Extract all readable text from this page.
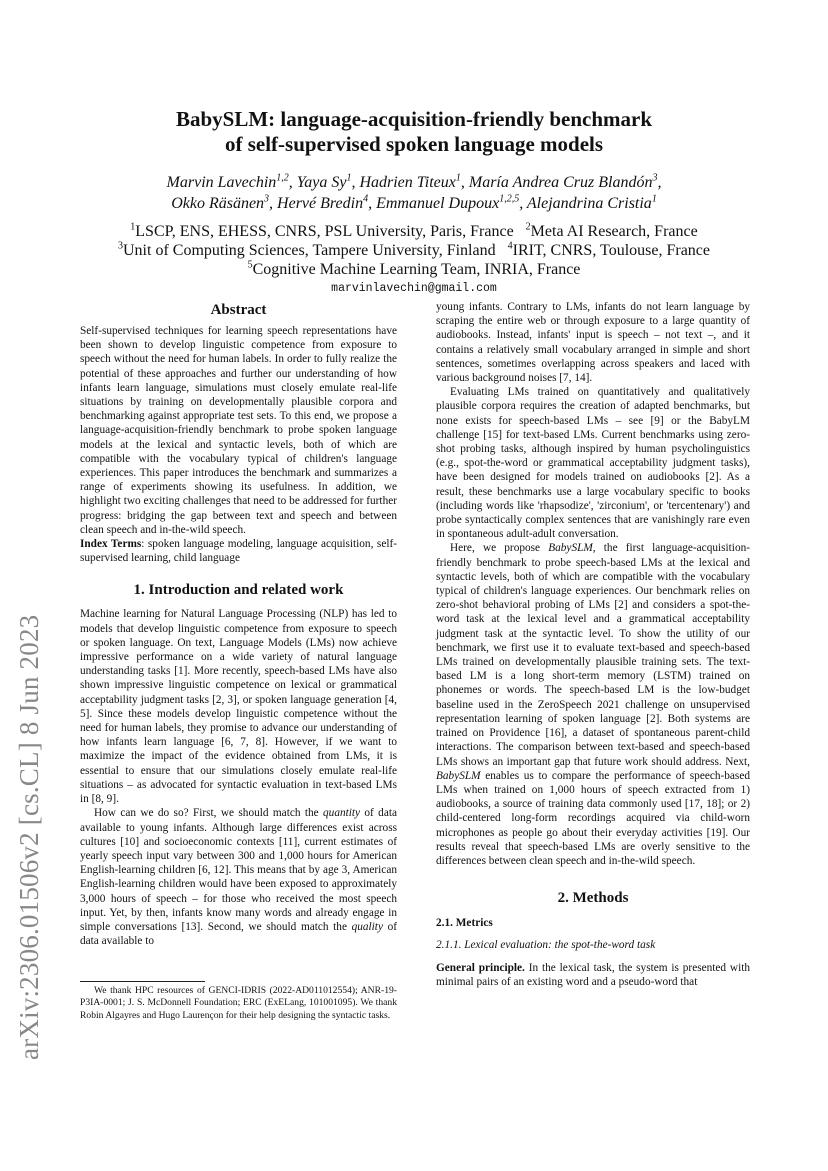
arXiv:2306.01506v2 [cs.CL] 8 Jun 2023
BabySLM: language-acquisition-friendly benchmark
of self-supervised spoken language models
Marvin Lavechin$^{1,2}$, Yaya Sy$^1$, Hadrien Titeux$^1$, María Andrea Cruz Blandón$^3$,
Okko Räsänen$^3$, Hervé Bredin$^4$, Emmanuel Dupoux$^{1,2,5}$, Alejandrina Cristia$^1$
$^1$LSCP, ENS, EHESS, CNRS, PSL University, Paris, France $^2$Meta AI Research, France
$^3$Unit of Computing Sciences, Tampere University, Finland $^4$IRIT, CNRS, Toulouse, France
$^5$Cognitive Machine Learning Team, INRIA, France
marvinlavechin@gmail.com
Abstract

Self-supervised techniques for learning speech representations have been shown to develop linguistic competence from exposure to speech without the need for human labels. In order to fully realize the potential of these approaches and further our understanding of how infants learn language, simulations must closely emulate real-life situations by training on developmentally plausible corpora and benchmarking against appropriate test sets. To this end, we propose a language-acquisition-friendly benchmark to probe spoken language models at the lexical and syntactic levels, both of which are compatible with the vocabulary typical of children's language experiences. This paper introduces the benchmark and summarizes a range of experiments showing its usefulness. In addition, we highlight two exciting challenges that need to be addressed for further progress: bridging the gap between text and speech and between clean speech and in-the-wild speech.

Index Terms: spoken language modeling, language acquisition, self-supervised learning, child language

1. Introduction and related work

Machine learning for Natural Language Processing (NLP) has led to models that develop linguistic competence from exposure to speech or spoken language. On text, Language Models (LMs) now achieve impressive performance on a wide variety of natural language understanding tasks [1]. More recently, speech-based LMs have also shown impressive linguistic competence on lexical or grammatical acceptability judgment tasks [2, 3], or spoken language generation [4, 5]. Since these models develop linguistic competence without the need for human labels, they promise to advance our understanding of how infants learn language [6, 7, 8]. However, if we want to maximize the impact of the evidence obtained from LMs, it is essential to ensure that our simulations closely emulate real-life situations – as advocated for syntactic evaluation in text-based LMs in [8, 9].

How can we do so? First, we should match the quantity of data available to young infants. Although large differences exist across cultures [10] and socioeconomic contexts [11], current estimates of yearly speech input vary between 300 and 1,000 hours for American English-learning children [6, 12]. This means that by age 3, American English-learning children would have been exposed to approximately 3,000 hours of speech – for those who received the most speech input. Yet, by then, infants know many words and already engage in simple conversations [13]. Second, we should match the quality of data available to

We thank HPC resources of GENCI-IDRIS (2022-AD011012554); ANR-19-P3IA-0001; J. S. McDonnell Foundation; ERC (ExELang, 101001095). We thank Robin Algayres and Hugo Laurençon for their help designing the syntactic tasks.

young infants. Contrary to LMs, infants do not learn language by scraping the entire web or through exposure to a large quantity of audiobooks. Instead, infants' input is speech – not text –, and it contains a relatively small vocabulary arranged in simple and short sentences, sometimes overlapping across speakers and laced with various background noises [7, 14].

Evaluating LMs trained on quantitatively and qualitatively plausible corpora requires the creation of adapted benchmarks, but none exists for speech-based LMs – see [9] or the BabyLM challenge [15] for text-based LMs. Current benchmarks using zero-shot probing tasks, although inspired by human psycholinguistics (e.g., spot-the-word or grammatical acceptability judgment tasks), have been designed for models trained on audiobooks [2]. As a result, these benchmarks use a large vocabulary specific to books (including words like 'rhapsodize', 'zirconium', or 'tercentenary') and probe syntactically complex sentences that are vanishingly rare even in spontaneous adult-adult conversation.

Here, we propose BabySLM, the first language-acquisition-friendly benchmark to probe speech-based LMs at the lexical and syntactic levels, both of which are compatible with the vocabulary typical of children's language experiences. Our benchmark relies on zero-shot behavioral probing of LMs [2] and considers a spot-the-word task at the lexical level and a grammatical acceptability judgment task at the syntactic level. To show the utility of our benchmark, we first use it to evaluate text-based and speech-based LMs trained on developmentally plausible training sets. The text-based LM is a long short-term memory (LSTM) trained on phonemes or words. The speech-based LM is the low-budget baseline used in the ZeroSpeech 2021 challenge on unsupervised representation learning of spoken language [2]. Both systems are trained on Providence [16], a dataset of spontaneous parent-child interactions. The comparison between text-based and speech-based LMs shows an important gap that future work should address. Next, BabySLM enables us to compare the performance of speech-based LMs when trained on 1,000 hours of speech extracted from 1) audiobooks, a source of training data commonly used [17, 18]; or 2) child-centered long-form recordings acquired via child-worn microphones as people go about their everyday activities [19]. Our results reveal that speech-based LMs are overly sensitive to the differences between clean speech and in-the-wild speech.

2. Methods
2.1. Metrics
2.1.1. Lexical evaluation: the spot-the-word task

General principle. In the lexical task, the system is presented with minimal pairs of an existing word and a pseudo-word that
